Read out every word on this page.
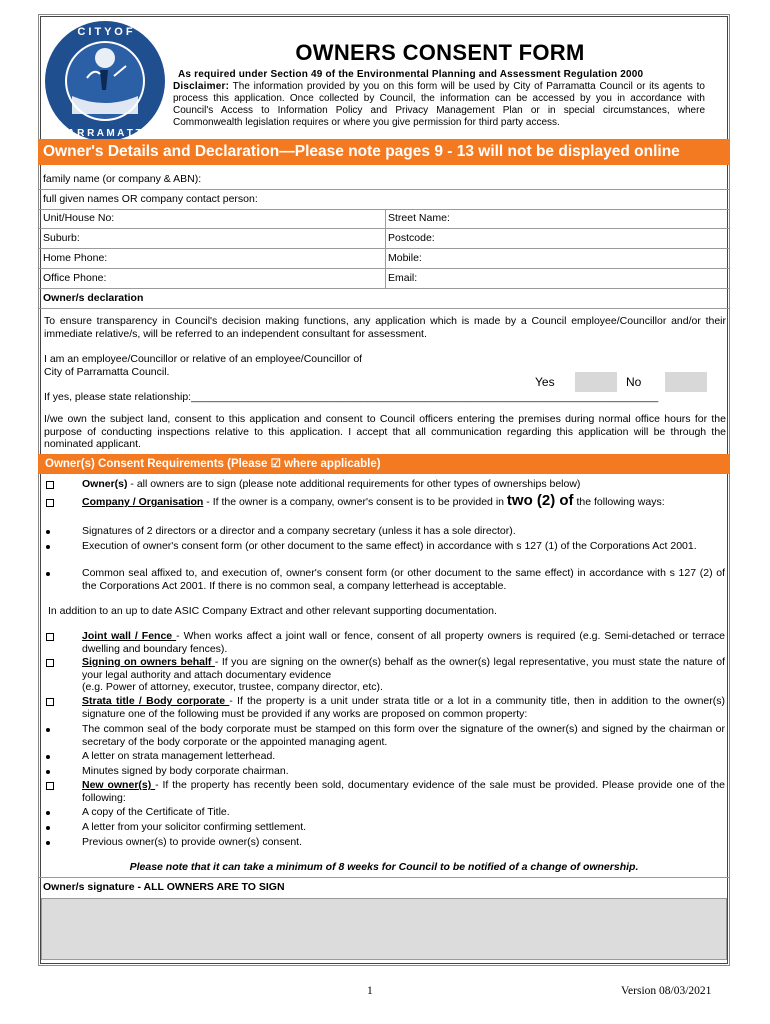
C I T Y O F
P A R R A M A T T A
OWNERS CONSENT FORM
As required under Section 49 of the Environmental Planning and Assessment Regulation 2000
Disclaimer: The information provided by you on this form will be used by City of Parramatta Council or its agents to process this application. Once collected by Council, the information can be accessed by you in accordance with Council's Access to Information Policy and Privacy Management Plan or in special circumstances, where Commonwealth legislation requires or where you give permission for third party access.
Owner's Details and Declaration—Please note pages 9 - 13 will not be displayed online
family name (or company & ABN):
full given names OR company contact person:
Unit/House No:	Street Name:
Suburb:	Postcode:
Home Phone:	Mobile:
Office Phone:	Email:
Owner/s declaration
To ensure transparency in Council's decision making functions, any application which is made by a Council employee/Councillor and/or their immediate relative/s, will be referred to an independent consultant for assessment.
I am an employee/Councillor or relative of an employee/Councillor of City of Parramatta Council.
Yes	No
If yes, please state relationship:________________________________________________________________________________
I/we own the subject land, consent to this application and consent to Council officers entering the premises during normal office hours for the purpose of conducting inspections relative to this application. I accept that all communication regarding this application will be through the nominated applicant.
Owner(s) Consent Requirements (Please ☑ where applicable)
Owner(s) - all owners are to sign (please note additional requirements for other types of ownerships below)
Company / Organisation - If the owner is a company, owner's consent is to be provided in two (2) of the following ways:
Signatures of 2 directors or a director and a company secretary (unless it has a sole director).
Execution of owner's consent form (or other document to the same effect) in accordance with s 127 (1) of the Corporations Act 2001.
Common seal affixed to, and execution of, owner's consent form (or other document to the same effect) in accordance with s 127 (2) of the Corporations Act 2001. If there is no common seal, a company letterhead is acceptable.
In addition to an up to date ASIC Company Extract and other relevant supporting documentation.
Joint wall / Fence - When works affect a joint wall or fence, consent of all property owners is required (e.g. Semi-detached or terrace dwelling and boundary fences).
Signing on owners behalf - If you are signing on the owner(s) behalf as the owner(s) legal representative, you must state the nature of your legal authority and attach documentary evidence
(e.g. Power of attorney, executor, trustee, company director, etc).
Strata title / Body corporate - If the property is a unit under strata title or a lot in a community title, then in addition to the owner(s) signature one of the following must be provided if any works are proposed on common property:
The common seal of the body corporate must be stamped on this form over the signature of the owner(s) and signed by the chairman or secretary of the body corporate or the appointed managing agent.
A letter on strata management letterhead.
Minutes signed by body corporate chairman.
New owner(s) - If the property has recently been sold, documentary evidence of the sale must be provided. Please provide one of the following:
A copy of the Certificate of Title.
A letter from your solicitor confirming settlement.
Previous owner(s) to provide owner(s) consent.
Please note that it can take a minimum of 8 weeks for Council to be notified of a change of ownership.
Owner/s signature - ALL OWNERS ARE TO SIGN
1	Version 08/03/2021
